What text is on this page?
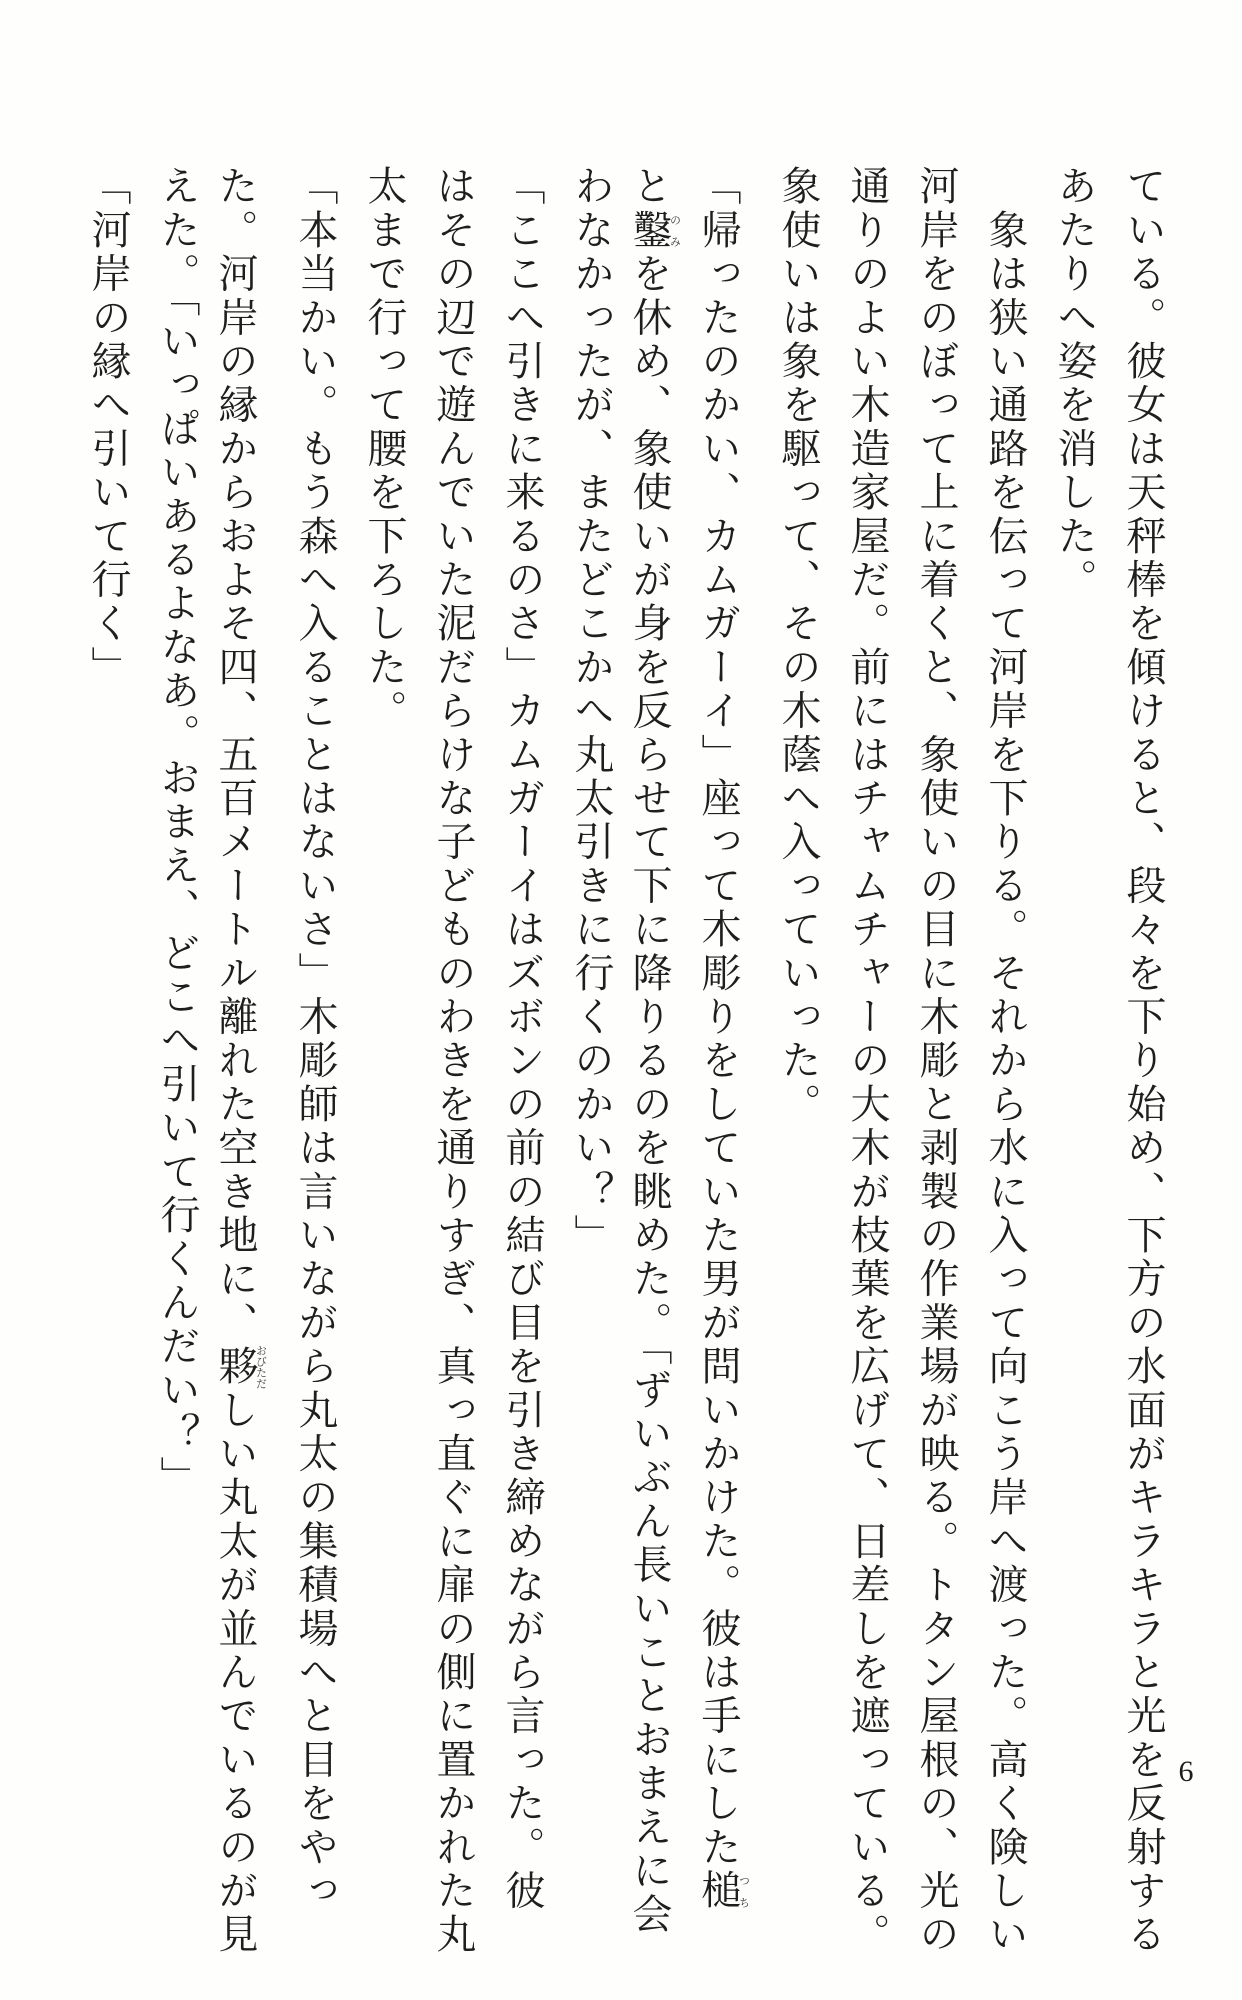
ている。彼女は天秤棒を傾けると、段々を下り始め、下方の水面がキラキラと光を反射する
あたりへ姿を消した。
　象は狭い通路を伝って河岸を下りる。それから水に入って向こう岸へ渡った。高く険しい
河岸をのぼって上に着くと、象使いの目に木彫と剥製の作業場が映る。トタン屋根の、光の
通りのよい木造家屋だ。前にはチャムチャーの大木が枝葉を広げて、日差しを遮っている。
象使いは象を駆って、その木蔭へ入っていった。
「帰ったのかい、カムガーイ」座って木彫りをしていた男が問いかけた。彼は手にした槌つち
と鑿のみを休め、象使いが身を反らせて下に降りるのを眺めた。「ずいぶん長いことおまえに会
わなかったが、またどこかへ丸太引きに行くのかい？」
「ここへ引きに来るのさ」カムガーイはズボンの前の結び目を引き締めながら言った。彼
はその辺で遊んでいた泥だらけな子どものわきを通りすぎ、真っ直ぐに扉の側に置かれた丸
太まで行って腰を下ろした。
「本当かい。もう森へ入ることはないさ」木彫師は言いながら丸太の集積場へと目をやっ
た。河岸の縁からおよそ四、五百メートル離れた空き地に、夥おびただしい丸太が並んでいるのが見
えた。「いっぱいあるよなあ。おまえ、どこへ引いて行くんだい？」
「河岸の縁へ引いて行く」
6
